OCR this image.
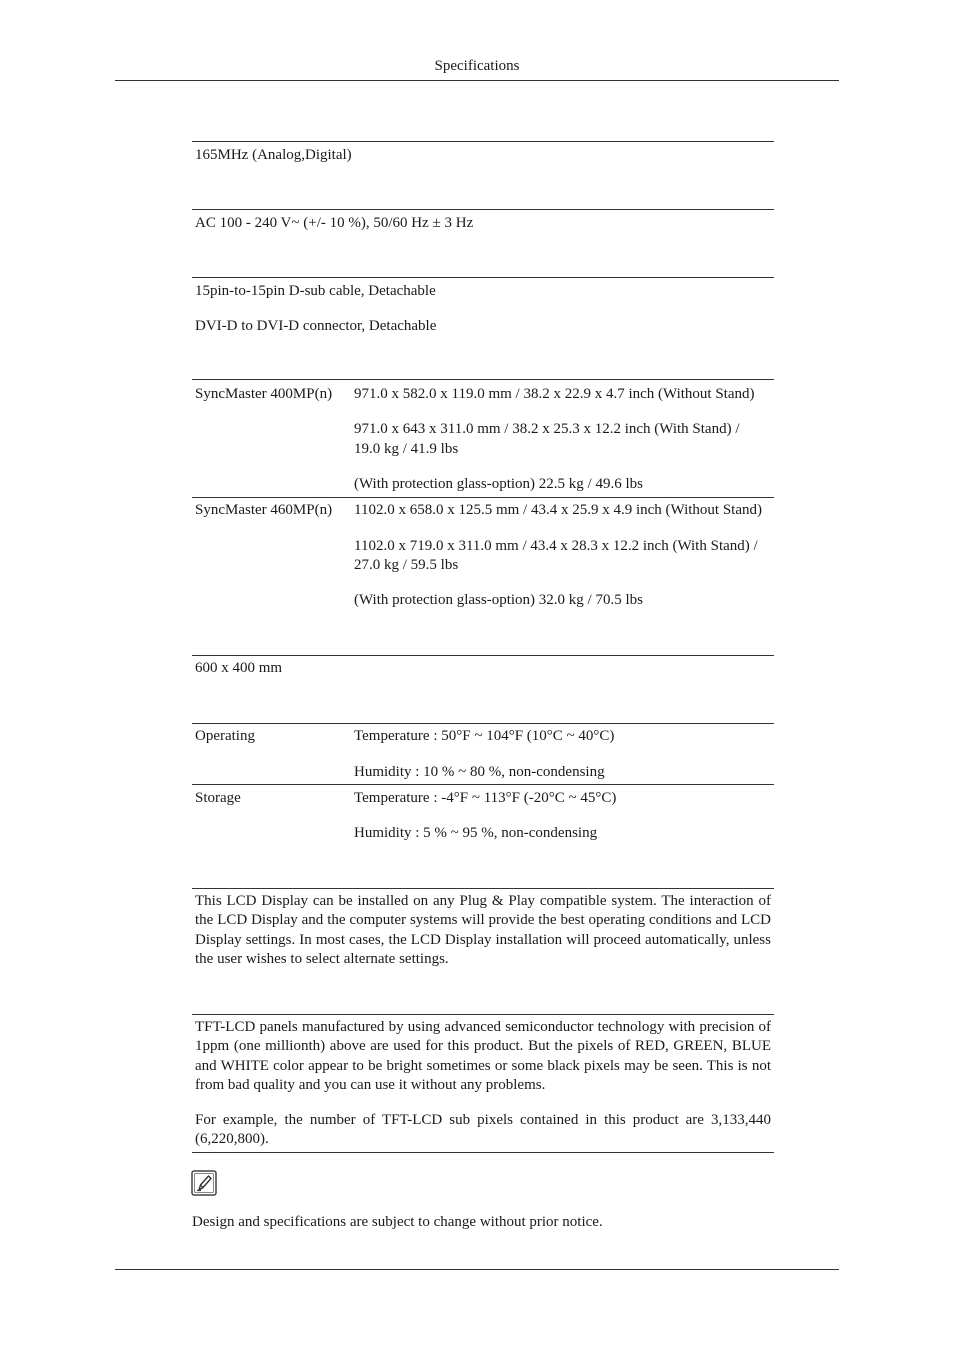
Specifications
165MHz (Analog,Digital)
AC 100 - 240 V~ (+/- 10 %), 50/60 Hz ± 3 Hz
15pin-to-15pin D-sub cable, Detachable
DVI-D to DVI-D connector, Detachable
SyncMaster 400MP(n) 971.0 x 582.0 x 119.0 mm / 38.2 x 22.9 x 4.7 inch (Without Stand)
971.0 x 643 x 311.0 mm / 38.2 x 25.3 x 12.2 inch (With Stand) /
19.0 kg / 41.9 lbs
(With protection glass-option) 22.5 kg / 49.6 lbs
SyncMaster 460MP(n) 1102.0 x 658.0 x 125.5 mm / 43.4 x 25.9 x 4.9 inch (Without Stand)
1102.0 x 719.0 x 311.0 mm / 43.4 x 28.3 x 12.2 inch (With Stand) /
27.0 kg / 59.5 lbs
(With protection glass-option) 32.0 kg / 70.5 lbs
600 x 400 mm
Operating	Temperature : 50°F ~ 104°F (10°C ~ 40°C)
Humidity : 10 % ~ 80 %, non-condensing
Storage	Temperature : -4°F ~ 113°F (-20°C ~ 45°C)
Humidity : 5 % ~ 95 %, non-condensing
This LCD Display can be installed on any Plug & Play compatible system. The interaction of the LCD Display and the computer systems will provide the best operating conditions and LCD Display settings. In most cases, the LCD Display installation will proceed automatically, unless the user wishes to select alternate settings.
TFT-LCD panels manufactured by using advanced semiconductor technology with precision of 1ppm (one millionth) above are used for this product. But the pixels of RED, GREEN, BLUE and WHITE color appear to be bright sometimes or some black pixels may be seen. This is not from bad quality and you can use it without any problems.
For example, the number of TFT-LCD sub pixels contained in this product are 3,133,440 (6,220,800).
Design and specifications are subject to change without prior notice.
